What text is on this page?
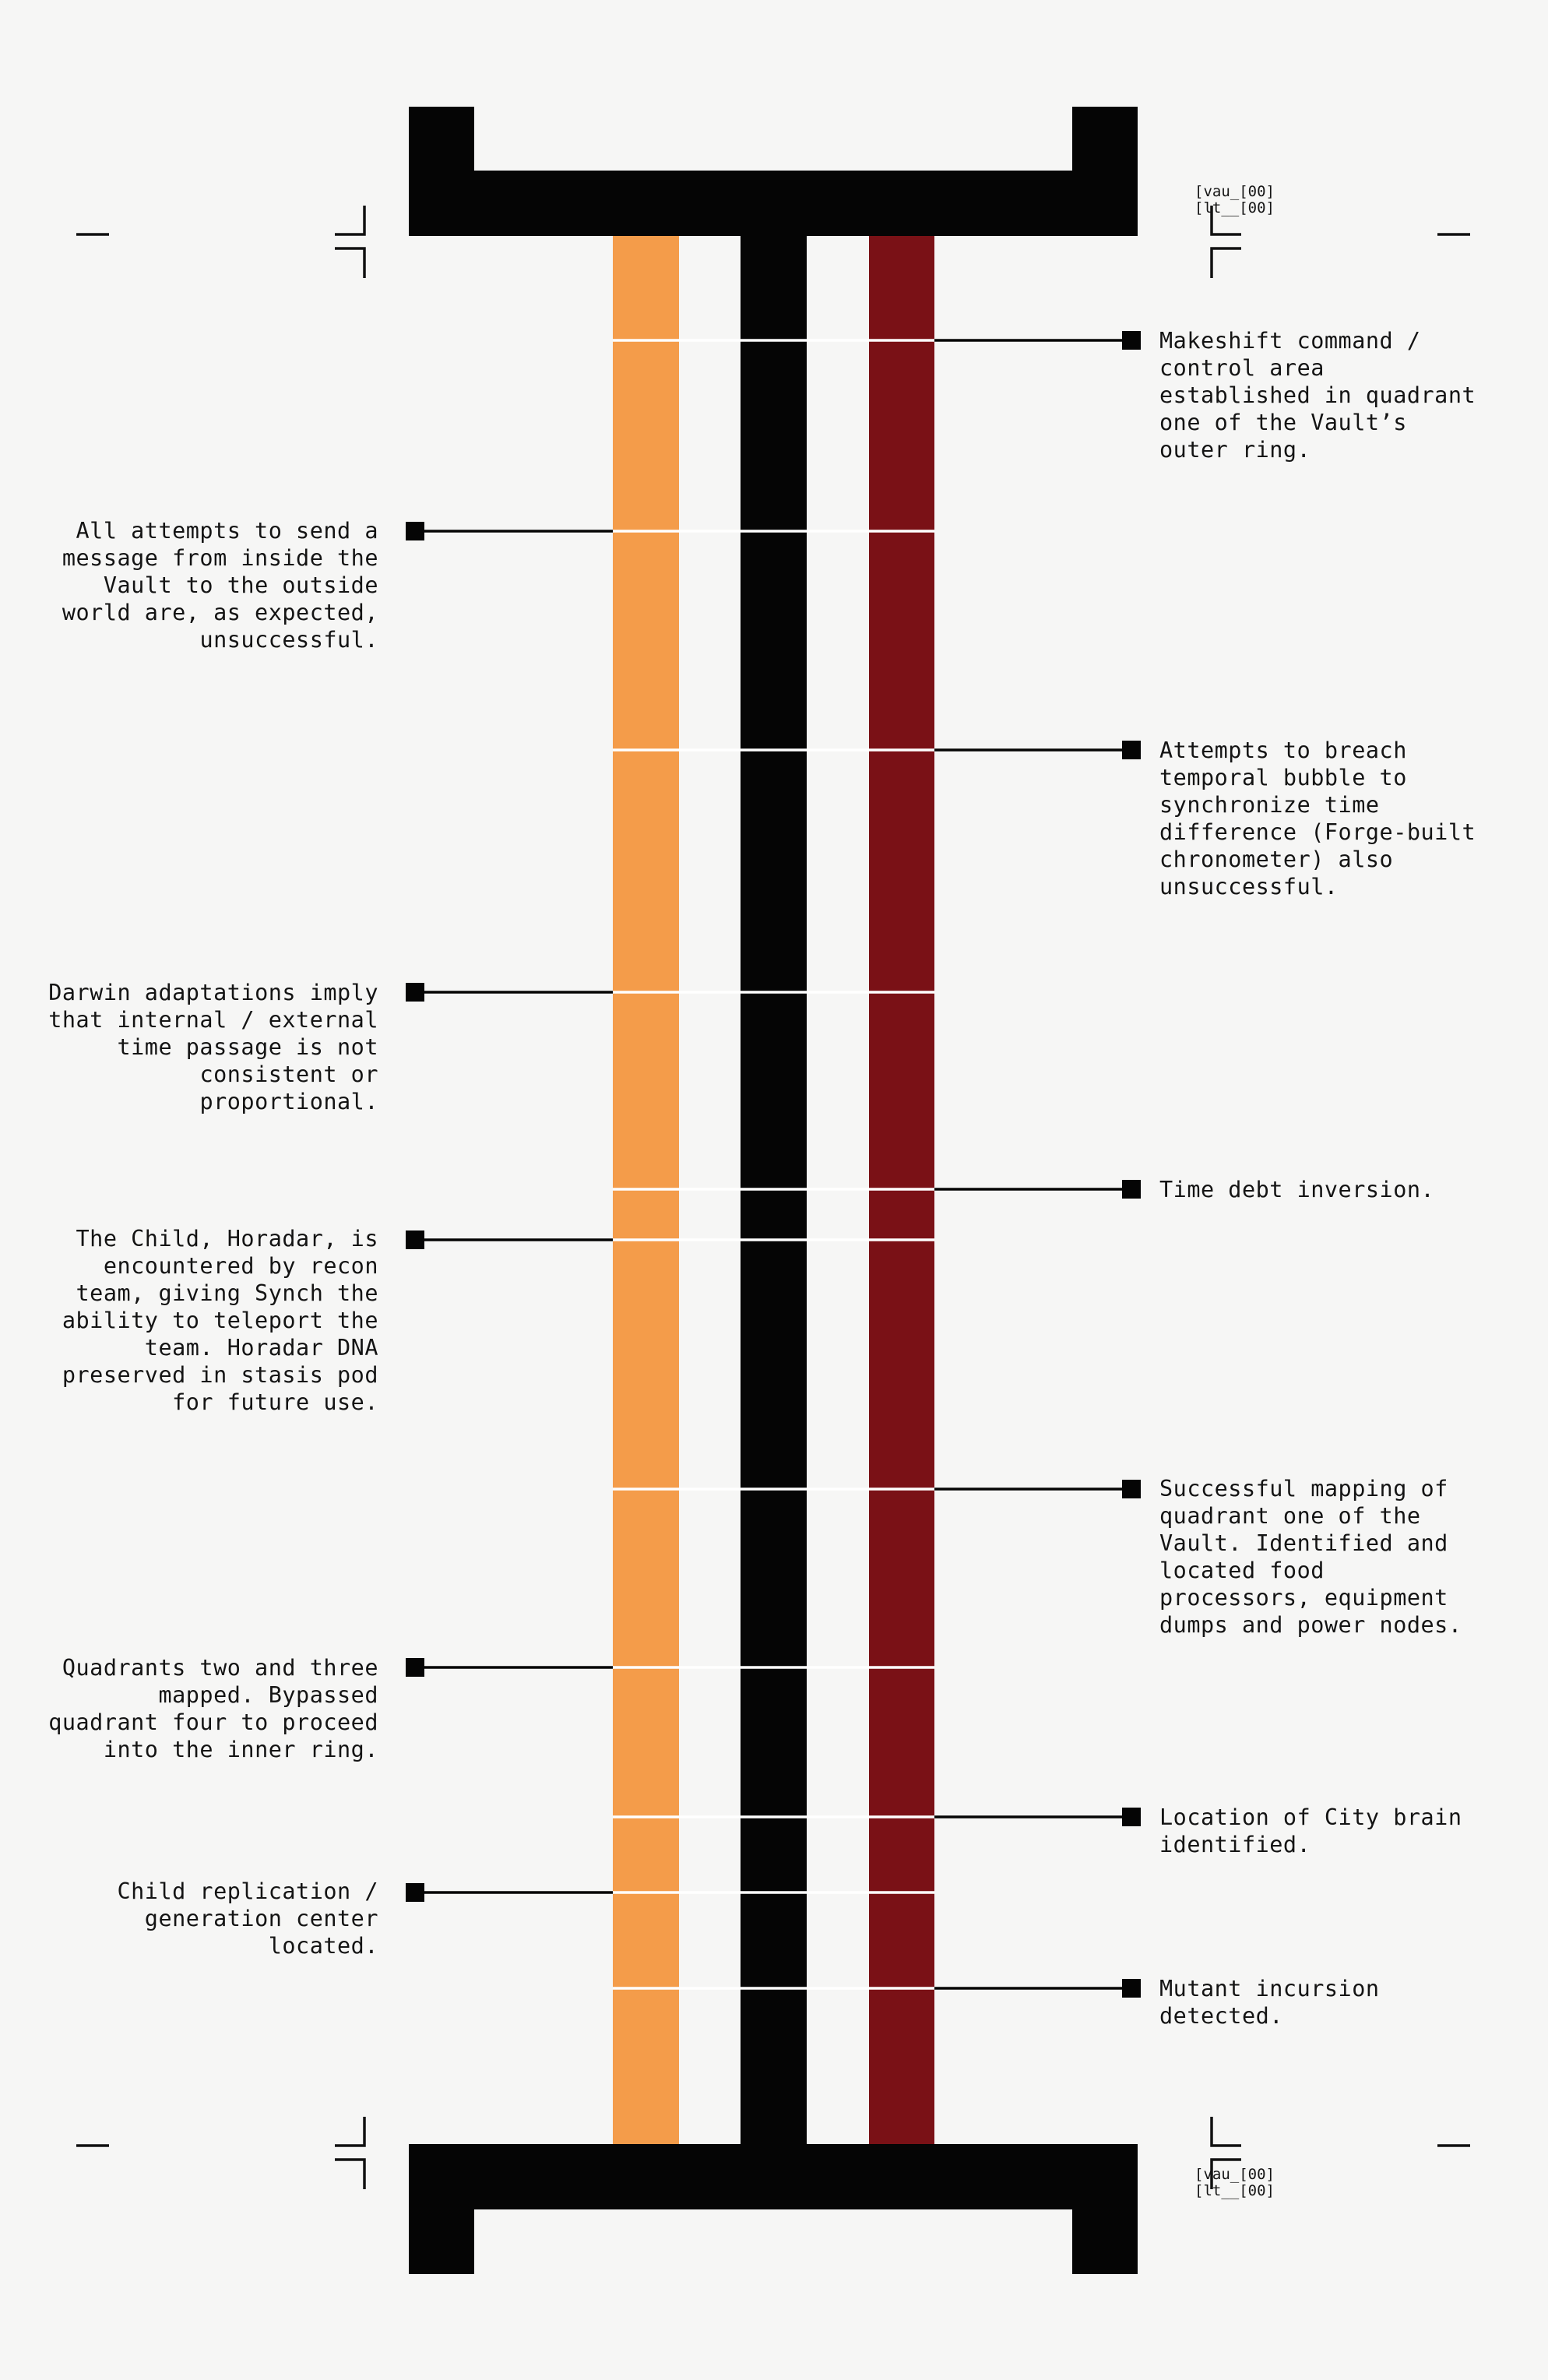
[vau_[00]
[lt__[00]

[vau_[00]
[lt__[00]

All attempts to send a message from inside the Vault to the outside world are, as expected, unsuccessful.

Darwin adaptations imply that internal / external time passage is not consistent or proportional.

The Child, Horadar, is encountered by recon team, giving Synch the ability to teleport the team. Horadar DNA preserved in stasis pod for future use.

Quadrants two and three mapped. Bypassed quadrant four to proceed into the inner ring.

Child replication / generation center located.

Makeshift command / control area established in quadrant one of the Vault’s outer ring.

Attempts to breach temporal bubble to synchronize time difference (Forge-built chronometer) also unsuccessful.

Time debt inversion.

Successful mapping of quadrant one of the Vault. Identified and located food processors, equipment dumps and power nodes.

Location of City brain identified.

Mutant incursion detected.
